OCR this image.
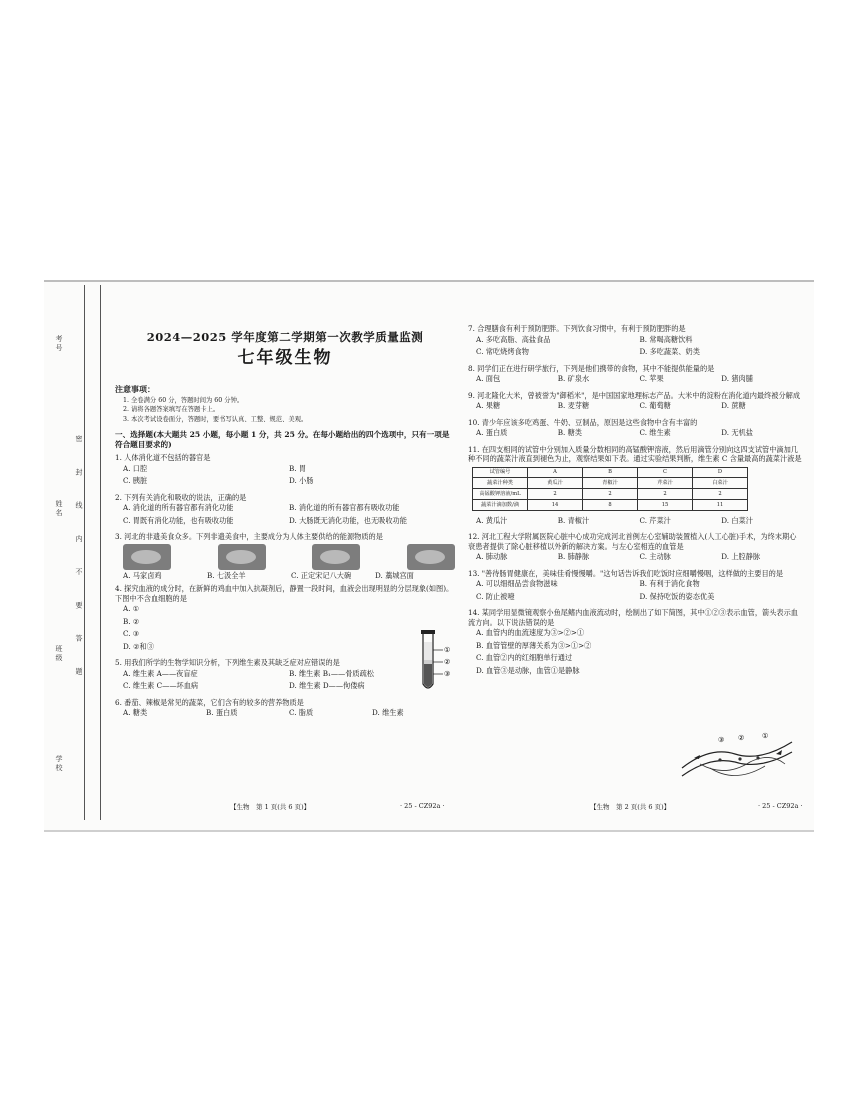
密 封 线 内 不 要 答 题
学校
班级
姓名
考号	2024—2025 学年度第二学期第一次教学质量监测
七年级生物
注意事项：

1. 全卷满分 60 分，答题时间为 60 分钟。

2. 请将各题答案填写在答题卡上。

3. 本次考试设卷面分，答题时，要书写认真、工整、规范、美观。

一、选择题(本大题共 25 小题，每小题 1 分，共 25 分。在每小题给出的四个选项中，只有一项是符合题目要求的)
1. 人体消化道不包括的器官是
A. 口腔	B. 胃
C. 胰脏	D. 小肠
2. 下列有关消化和吸收的说法，正确的是
A. 消化道的所有器官都有消化功能	B. 消化道的所有器官都有吸收功能
C. 胃既有消化功能，也有吸收功能	D. 大肠既无消化功能，也无吸收功能
3. 河北的非遗美食众多。下列非遗美食中，主要成分为人体主要供给的能源物质的是
A. 马家卤鸡	B. 七汲全羊	C. 正定宋记八大碗	D. 藁城宫面
4. 探究血液的成分时，在新鲜的鸡血中加入抗凝剂后，静置一段时间，血液会出现明显的分层现象(如图)。下图中不含血细胞的是
A. ①
B. ②
C. ③
D. ②和③
5. 用我们所学的生物学知识分析，下列维生素及其缺乏症对应错误的是
A. 维生素 A——夜盲症	B. 维生素 B₁——骨质疏松
C. 维生素 C——坏血病	D. 维生素 D——佝偻病
6. 番茄、辣椒是常见的蔬菜，它们含有的较多的营养物质是
A. 糖类	B. 蛋白质	C. 脂质	D. 维生素
①
②
③
【生物　第 1 页(共 6 页)】	· 25 - CZ92a ·
7. 合理膳食有利于预防肥胖。下列饮食习惯中，有利于预防肥胖的是
A. 多吃高脂、高盐食品	B. 常喝高糖饮料
C. 常吃烧烤食物	D. 多吃蔬菜、奶类
8. 同学们正在进行研学旅行，下列是他们携带的食物，其中不能提供能量的是
A. 面包	B. 矿泉水	C. 苹果	D. 猪肉脯
9. 河北隆化大米，曾被誉为"御稻米"，是中国国家地理标志产品。大米中的淀粉在消化道内最终被分解成
A. 果糖	B. 麦芽糖	C. 葡萄糖	D. 蔗糖
10. 青少年应该多吃鸡蛋、牛奶、豆制品，原因是这些食物中含有丰富的
A. 蛋白质	B. 糖类	C. 维生素	D. 无机盐
11. 在四支相同的试管中分别加入质量分数相同的高锰酸钾溶液，然后用滴管分别向这四支试管中滴加几种不同的蔬菜汁液直到褪色为止，观察结果如下表。通过实验结果判断，维生素 C 含量最高的蔬菜汁液是
试管编号	A	B	C	D
蔬菜汁种类	黄瓜汁	青椒汁	芹菜汁	白菜汁
高锰酸钾溶液/mL	2	2	2	2
蔬菜汁滴加数/滴	14	8	15	11
A. 黄瓜汁	B. 青椒汁	C. 芹菜汁	D. 白菜汁
12. 河北工程大学附属医院心脏中心成功完成河北首例左心室辅助装置植入(人工心脏)手术，为终末期心衰患者提供了除心脏移植以外新的解决方案。与左心室相连的血管是
A. 肺动脉	B. 肺静脉	C. 主动脉	D. 上腔静脉
13. "善待肠胃健康在，美味佳肴慢慢嚼。"这句话告诉我们吃饭时应细嚼慢咽，这样做的主要目的是
A. 可以细细品尝食物滋味	B. 有利于消化食物
C. 防止被噎	D. 保持吃饭的姿态优美
14. 某同学用显微镜观察小鱼尾鳍内血液流动时，绘制出了如下简图，其中①②③表示血管，箭头表示血流方向。以下说法错误的是
A. 血管内的血流速度为③>②>①
B. 血管管壁的厚薄关系为③>①>②
C. 血管②内的红细胞单行通过
D. 血管③是动脉，血管①是静脉
③ ②	①
【生物　第 2 页(共 6 页)】	· 25 - CZ92a ·
